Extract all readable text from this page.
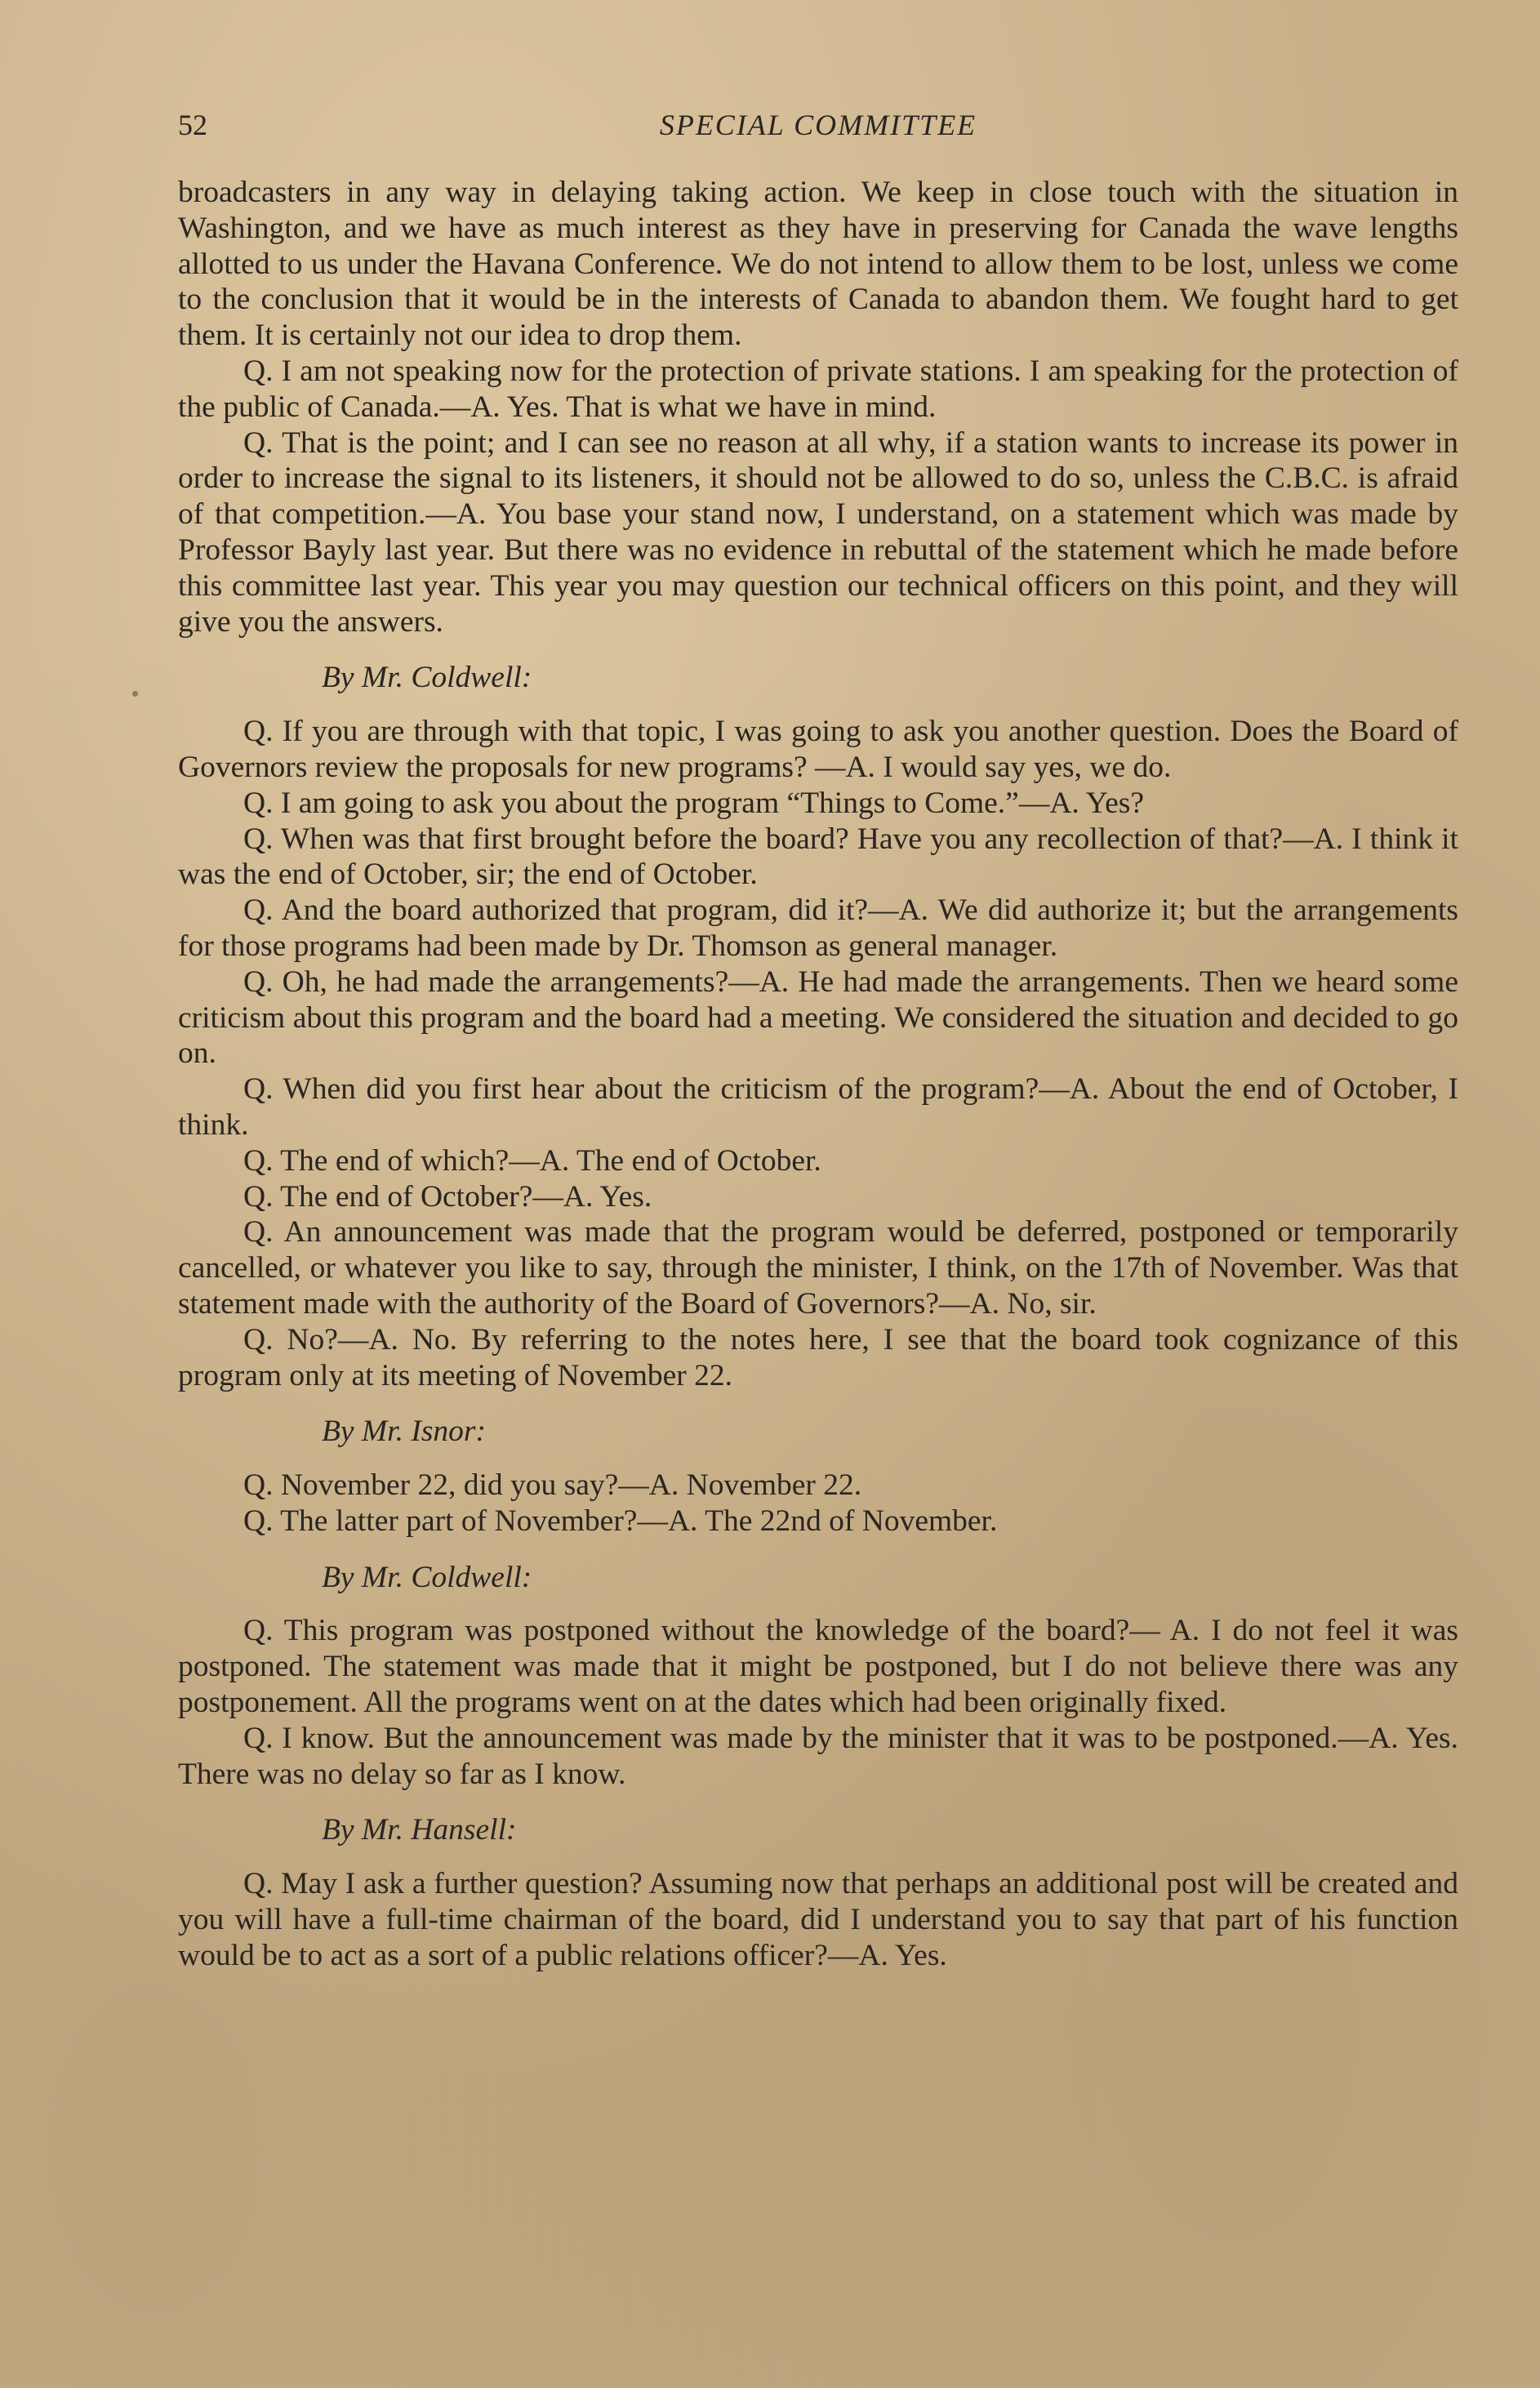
52	SPECIAL COMMITTEE

broadcasters in any way in delaying taking action. We keep in close touch with the situation in Washington, and we have as much interest as they have in preserving for Canada the wave lengths allotted to us under the Havana Conference. We do not intend to allow them to be lost, unless we come to the conclusion that it would be in the interests of Canada to abandon them. We fought hard to get them. It is certainly not our idea to drop them.

Q. I am not speaking now for the protection of private stations. I am speaking for the protection of the public of Canada.—A. Yes. That is what we have in mind.

Q. That is the point; and I can see no reason at all why, if a station wants to increase its power in order to increase the signal to its listeners, it should not be allowed to do so, unless the C.B.C. is afraid of that competition.—A. You base your stand now, I understand, on a statement which was made by Professor Bayly last year. But there was no evidence in rebuttal of the statement which he made before this committee last year. This year you may question our technical officers on this point, and they will give you the answers.

By Mr. Coldwell:

Q. If you are through with that topic, I was going to ask you another question. Does the Board of Governors review the proposals for new programs? —A. I would say yes, we do.

Q. I am going to ask you about the program “Things to Come.”—A. Yes?

Q. When was that first brought before the board? Have you any recollection of that?—A. I think it was the end of October, sir; the end of October.

Q. And the board authorized that program, did it?—A. We did authorize it; but the arrangements for those programs had been made by Dr. Thomson as general manager.

Q. Oh, he had made the arrangements?—A. He had made the arrangements. Then we heard some criticism about this program and the board had a meeting. We considered the situation and decided to go on.

Q. When did you first hear about the criticism of the program?—A. About the end of October, I think.

Q. The end of which?—A. The end of October.

Q. The end of October?—A. Yes.

Q. An announcement was made that the program would be deferred, postponed or temporarily cancelled, or whatever you like to say, through the minister, I think, on the 17th of November. Was that statement made with the authority of the Board of Governors?—A. No, sir.

Q. No?—A. No. By referring to the notes here, I see that the board took cognizance of this program only at its meeting of November 22.

By Mr. Isnor:

Q. November 22, did you say?—A. November 22.

Q. The latter part of November?—A. The 22nd of November.

By Mr. Coldwell:

Q. This program was postponed without the knowledge of the board?— A. I do not feel it was postponed. The statement was made that it might be postponed, but I do not believe there was any postponement. All the programs went on at the dates which had been originally fixed.

Q. I know. But the announcement was made by the minister that it was to be postponed.—A. Yes. There was no delay so far as I know.

By Mr. Hansell:

Q. May I ask a further question? Assuming now that perhaps an additional post will be created and you will have a full-time chairman of the board, did I understand you to say that part of his function would be to act as a sort of a public relations officer?—A. Yes.
